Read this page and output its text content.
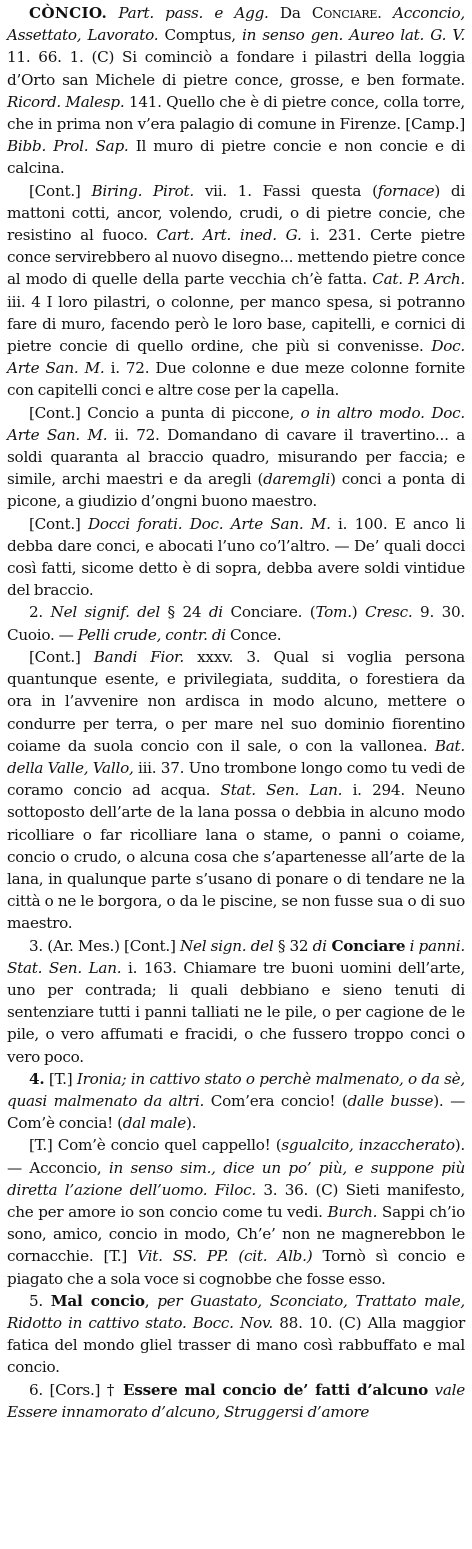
CÒNCIO. Part. pass. e Agg. Da Conciare. Acconcio, Assettato, Lavorato. Comptus, in senso gen. Aureo lat. G. V. 11. 66. 1. (C) Si cominciò a fondare i pilastri della loggia d’Orto san Michele di pietre conce, grosse, e ben formate. Ricord. Malesp. 141. Quello che è di pietre conce, colla torre, che in prima non v’era palagio di comune in Firenze. [Camp.] Bibb. Prol. Sap. Il muro di pietre concie e non concie e di calcina.

[Cont.] Biring. Pirot. vii. 1. Fassi questa (fornace) di mattoni cotti, ancor, volendo, crudi, o di pietre concie, che resistino al fuoco. Cart. Art. ined. G. i. 231. Certe pietre conce servirebbero al nuovo disegno... mettendo pietre conce al modo di quelle della parte vecchia ch’è fatta. Cat. P. Arch. iii. 4 I loro pilastri, o colonne, per manco spesa, si potranno fare di muro, facendo però le loro base, capitelli, e cornici di pietre concie di quello ordine, che più si convenisse. Doc. Arte San. M. i. 72. Due colonne e due meze colonne fornite con capitelli conci e altre cose per la capella.

[Cont.] Concio a punta di piccone, o in altro modo. Doc. Arte San. M. ii. 72. Domandano di cavare il travertino... a soldi quaranta al braccio quadro, misurando per faccia; e simile, archi maestri e da aregli (daremgli) conci a ponta di picone, a giudizio d’ongni buono maestro.

[Cont.] Docci forati. Doc. Arte San. M. i. 100. E anco li debba dare conci, e abocati l’uno co’l’altro. — De’ quali docci così fatti, sicome detto è di sopra, debba avere soldi vintidue del braccio.

2. Nel signif. del § 24 di Conciare. (Tom.) Cresc. 9. 30. Cuoio. — Pelli crude, contr. di Conce.

[Cont.] Bandi Fior. xxxv. 3. Qual si voglia persona quantunque esente, e privilegiata, suddita, o forestiera da ora in l’avvenire non ardisca in modo alcuno, mettere o condurre per terra, o per mare nel suo dominio fiorentino coiame da suola concio con il sale, o con la vallonea. Bat. della Valle, Vallo, iii. 37. Uno trombone longo como tu vedi de coramo concio ad acqua. Stat. Sen. Lan. i. 294. Neuno sottoposto dell’arte de la lana possa o debbia in alcuno modo ricolliare o far ricolliare lana o stame, o panni o coiame, concio o crudo, o alcuna cosa che s’apartenesse all’arte de la lana, in qualunque parte s’usano di ponare o di tendare ne la città o ne le borgora, o da le piscine, se non fusse sua o di suo maestro.

3. (Ar. Mes.) [Cont.] Nel sign. del § 32 di Conciare i panni. Stat. Sen. Lan. i. 163. Chiamare tre buoni uomini dell’arte, uno per contrada; li quali debbiano e sieno tenuti di sentenziare tutti i panni talliati ne le pile, o per cagione de le pile, o vero affumati e fracidi, o che fussero troppo conci o vero poco.

4. [T.] Ironia; in cattivo stato o perchè malmenato, o da sè, quasi malmenato da altri. Com’era concio! (dalle busse). — Com’è concia! (dal male).

[T.] Com’è concio quel cappello! (sgualcito, inzaccherato). — Acconcio, in senso sim., dice un po’ più, e suppone più diretta l’azione dell’uomo. Filoc. 3. 36. (C) Sieti manifesto, che per amore io son concio come tu vedi. Burch. Sappi ch’io sono, amico, concio in modo, Ch’e’ non ne magnerebbon le cornacchie. [T.] Vit. SS. PP. (cit. Alb.) Tornò sì concio e piagato che a sola voce si cognobbe che fosse esso.

5. Mal concio, per Guastato, Sconciato, Trattato male, Ridotto in cattivo stato. Bocc. Nov. 88. 10. (C) Alla maggior fatica del mondo gliel trasser di mano così rabbuffato e mal concio.

6. [Cors.] † Essere mal concio de’ fatti d’alcuno vale Essere innamorato d’alcuno, Struggersi d’amore
